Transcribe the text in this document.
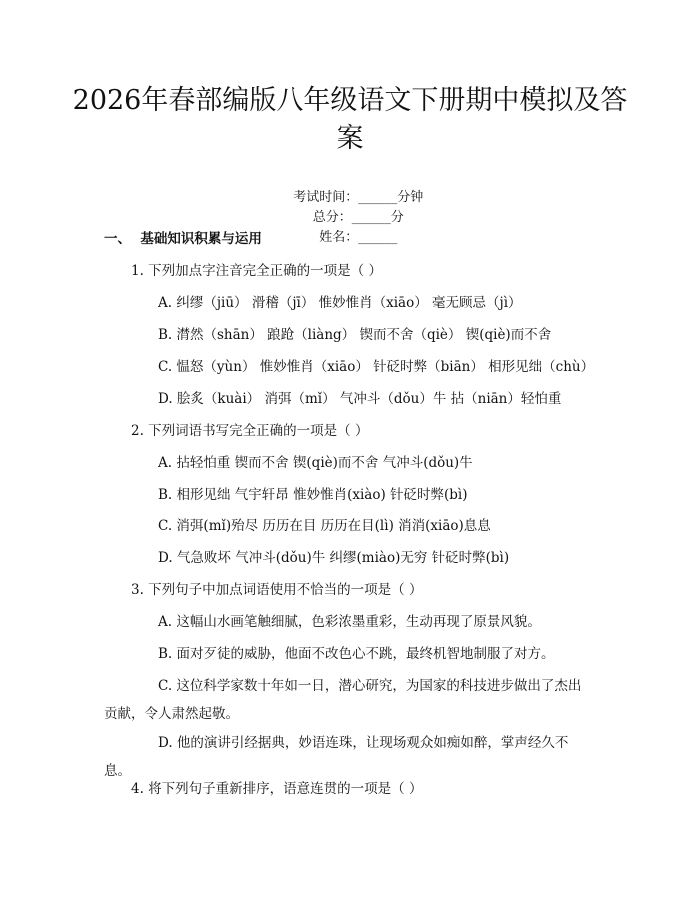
2026年春部编版八年级语文下册期中模拟及答案

考试时间：______分钟
总分：______分
姓名：______

一、  基础知识积累与运用
1. 下列加点字注音完全正确的一项是（ ）
A. 纠缪（jiū） 滑稽（jī） 惟妙惟肖（xiāo） 毫无顾忌（jì）
B. 潸然（shān） 踉跄（liàng） 锲而不舍（qiè） 锲(qiè)而不舍
C. 愠怒（yùn） 惟妙惟肖（xiāo） 针砭时弊（biān） 相形见绌（chù）
D. 脍炙（kuài） 消弭（mǐ） 气冲斗（dǒu）牛 拈（niān）轻怕重
2. 下列词语书写完全正确的一项是（ ）
A. 拈轻怕重 锲而不舍 锲(qiè)而不舍 气冲斗(dǒu)牛
B. 相形见绌 气宇轩昂 惟妙惟肖(xiào) 针砭时弊(bì)
C. 消弭(mǐ)殆尽 历历在目 历历在目(lì) 消消(xiāo)息息
D. 气急败坏 气冲斗(dǒu)牛 纠缪(miào)无穷 针砭时弊(bì)
3. 下列句子中加点词语使用不恰当的一项是（ ）
A. 这幅山水画笔触细腻，色彩浓墨重彩，生动再现了原景风貌。
B. 面对歹徒的威胁，他面不改色心不跳，最终机智地制服了对方。
C. 这位科学家数十年如一日，潜心研究，为国家的科技进步做出了杰出贡献，令人肃然起敬。
D. 他的演讲引经据典，妙语连珠，让现场观众如痴如醉，掌声经久不息。
4. 将下列句子重新排序，语意连贯的一项是（ ）
